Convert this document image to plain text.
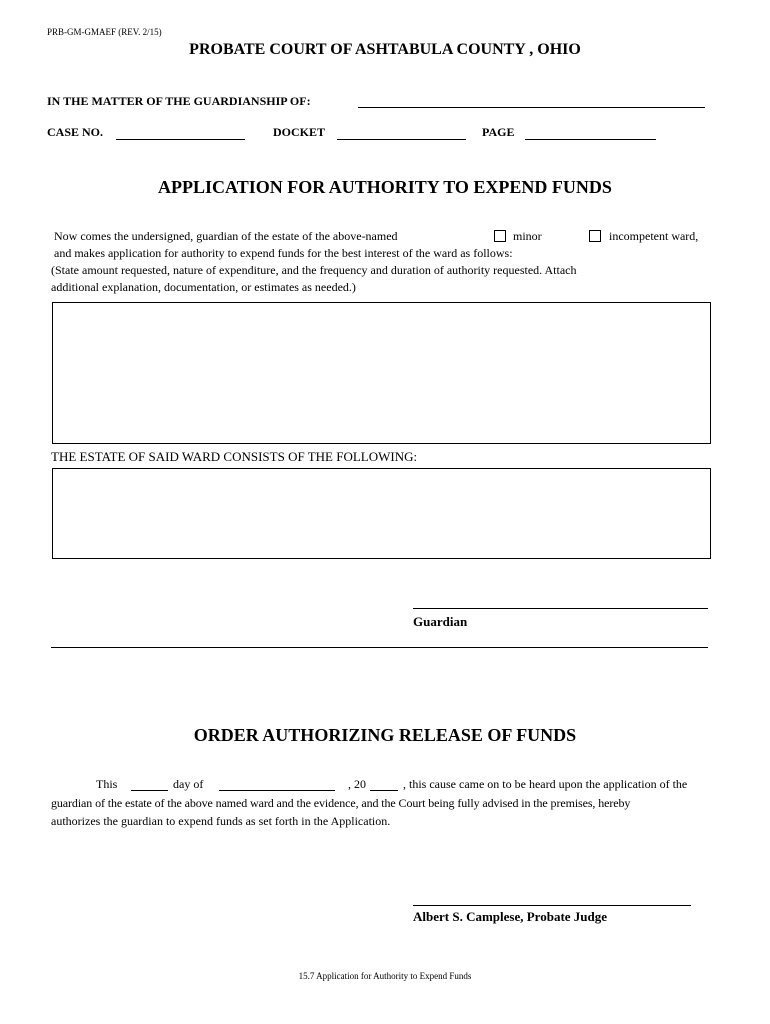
PRB-GM-GMAEF (REV. 2/15)
PROBATE COURT OF ASHTABULA COUNTY , OHIO
IN THE MATTER OF THE GUARDIANSHIP OF:
CASE NO.	DOCKET	PAGE
APPLICATION FOR AUTHORITY TO EXPEND FUNDS
Now comes the undersigned, guardian of the estate of the above-named	minor	incompetent ward,
and makes application for authority to expend funds for the best interest of the ward as follows:
(State amount requested, nature of expenditure, and the frequency and duration of authority requested. Attach
additional explanation, documentation, or estimates as needed.)
THE ESTATE OF SAID WARD CONSISTS OF THE FOLLOWING:
Guardian
ORDER AUTHORIZING RELEASE OF FUNDS
This	day of	, 20	, this cause came on to be heard upon the application of the
guardian of the estate of the above named ward and the evidence, and the Court being fully advised in the premises, hereby
authorizes the guardian to expend funds as set forth in the Application.
Albert S. Camplese, Probate Judge
15.7 Application for Authority to Expend Funds
